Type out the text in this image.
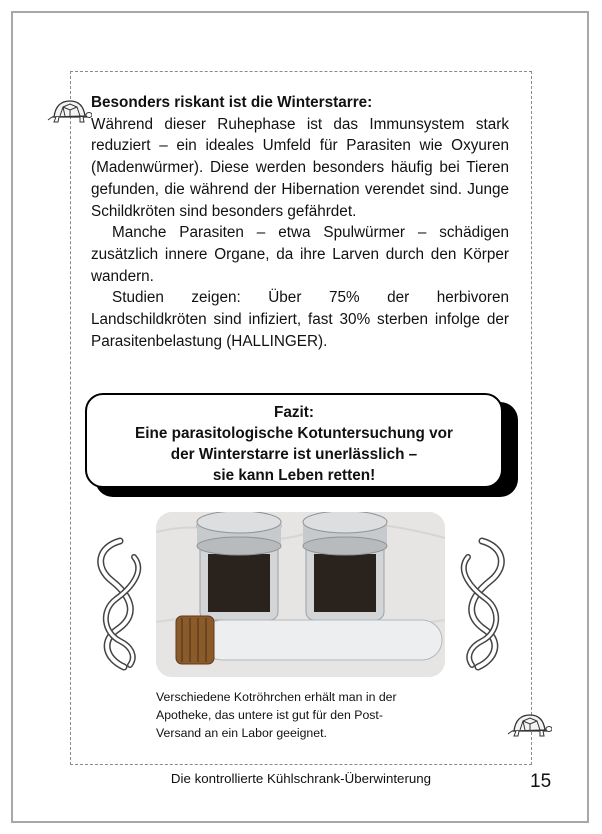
Besonders riskant ist die Winterstarre:

Während dieser Ruhephase ist das Immunsystem stark reduziert – ein ideales Umfeld für Parasiten wie Oxyuren (Madenwürmer). Diese werden besonders häufig bei Tieren gefunden, die während der Hibernation verendet sind. Junge Schildkröten sind besonders gefährdet.

Manche Parasiten – etwa Spulwürmer – schädigen zusätzlich innere Organe, da ihre Larven durch den Körper wandern.

Studien zeigen: Über 75% der herbivoren Landschildkröten sind infiziert, fast 30% sterben infolge der Parasitenbelastung (HALLINGER).

Fazit:
Eine parasitologische Kotuntersuchung vor
der Winterstarre ist unerlässlich –
sie kann Leben retten!
Verschiedene Kotröhrchen erhält man in der
Apotheke, das untere ist gut für den Post-
Versand an ein Labor geeignet.
Die kontrollierte Kühlschrank-Überwinterung	15
